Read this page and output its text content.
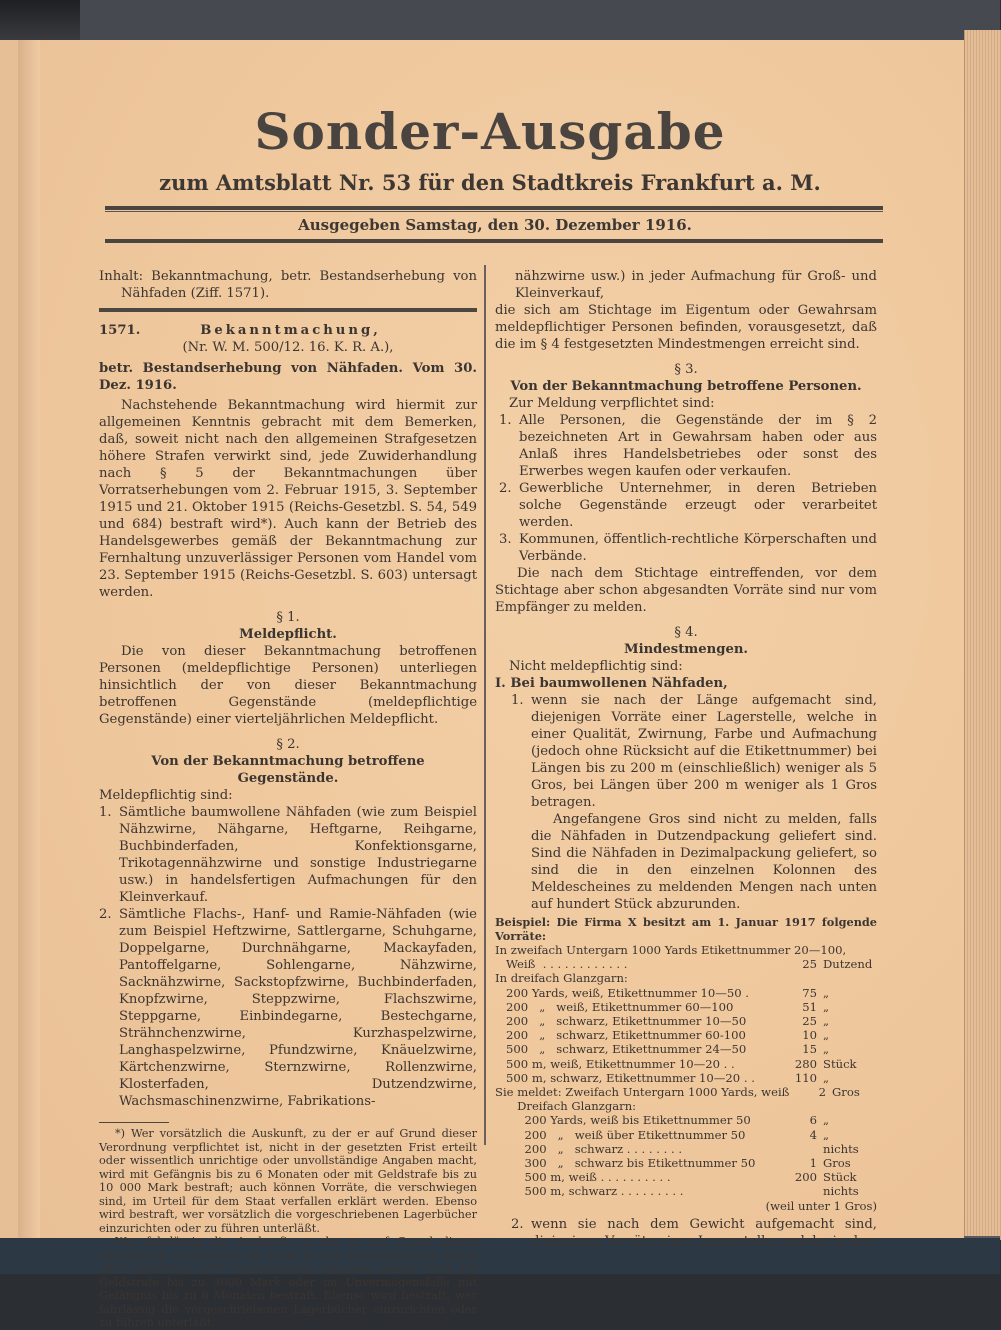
Sonder-Ausgabe
zum Amtsblatt Nr. 53 für den Stadtkreis Frankfurt a. M.
Ausgegeben Samstag, den 30. Dezember 1916.

Inhalt: Bekanntmachung, betr. Bestandserhebung von Nähfaden (Ziff. 1571).

1571.	Bekanntmachung,

(Nr. W. M. 500/12. 16. K. R. A.),

betr. Bestandserhebung von Nähfaden. Vom 30. Dez. 1916.

Nachstehende Bekanntmachung wird hiermit zur allgemeinen Kenntnis gebracht mit dem Bemerken, daß, soweit nicht nach den allgemeinen Strafgesetzen höhere Strafen verwirkt sind, jede Zuwiderhandlung nach § 5 der Bekanntmachungen über Vorratserhebungen vom 2. Februar 1915, 3. September 1915 und 21. Oktober 1915 (Reichs-Gesetzbl. S. 54, 549 und 684) bestraft wird*). Auch kann der Betrieb des Handelsgewerbes gemäß der Bekanntmachung zur Fernhaltung unzuverlässiger Personen vom Handel vom 23. September 1915 (Reichs-Gesetzbl. S. 603) untersagt werden.

§ 1.

Meldepflicht.

Die von dieser Bekanntmachung betroffenen Personen (meldepflichtige Personen) unterliegen hinsichtlich der von dieser Bekanntmachung betroffenen Gegenstände (meldepflichtige Gegenstände) einer vierteljährlichen Meldepflicht.

§ 2.

Von der Bekanntmachung betroffene Gegenstände.

Meldepflichtig sind:

1. Sämtliche baumwollene Nähfaden (wie zum Beispiel Nähzwirne, Nähgarne, Heftgarne, Reihgarne, Buchbinderfaden, Konfektionsgarne, Trikotagennähzwirne und sonstige Industriegarne usw.) in handelsfertigen Aufmachungen für den Kleinverkauf.
2. Sämtliche Flachs-, Hanf- und Ramie-Nähfaden (wie zum Beispiel Heftzwirne, Sattlergarne, Schuhgarne, Doppelgarne, Durchnähgarne, Mackayfaden, Pantoffelgarne, Sohlengarne, Nähzwirne, Sacknähzwirne, Sackstopfzwirne, Buchbinderfaden, Knopfzwirne, Steppzwirne, Flachszwirne, Steppgarne, Einbindegarne, Bestechgarne, Strähnchenzwirne, Kurzhaspelzwirne, Langhaspelzwirne, Pfundzwirne, Knäuelzwirne, Kärtchenzwirne, Sternzwirne, Rollenzwirne, Klosterfaden, Dutzendzwirne, Wachsmaschinenzwirne, Fabrikations-

*) Wer vorsätzlich die Auskunft, zu der er auf Grund dieser Verordnung verpflichtet ist, nicht in der gesetzten Frist erteilt oder wissentlich unrichtige oder unvollständige Angaben macht, wird mit Gefängnis bis zu 6 Monaten oder mit Geldstrafe bis zu 10 000 Mark bestraft; auch können Vorräte, die verschwiegen sind, im Urteil für dem Staat verfallen erklärt werden. Ebenso wird bestraft, wer vorsätzlich die vorgeschriebenen Lagerbücher einzurichten oder zu führen unterläßt.

Wer fahrlässig die Auskunft, zu der er auf Grund dieser Verordnung verpflichtet ist, nicht in der gesetzten Frist erteilt oder unrichtige oder unvollständige Angaben macht, wird mit Geldstrafe bis zu 3000 Mark oder im Unvermögensfalle mit Gefängnis bis zu 6 Monaten bestraft. Ebenso wird bestraft, wer fahrlässig die vorgeschriebenen Lagerbücher einzurichten oder zu führen unterläßt.

nähzwirne usw.) in jeder Aufmachung für Groß- und Kleinverkauf,

die sich am Stichtage im Eigentum oder Gewahrsam meldepflichtiger Personen befinden, vorausgesetzt, daß die im § 4 festgesetzten Mindestmengen erreicht sind.

§ 3.

Von der Bekanntmachung betroffene Personen.

Zur Meldung verpflichtet sind:

1. Alle Personen, die Gegenstände der im § 2 bezeichneten Art in Gewahrsam haben oder aus Anlaß ihres Handelsbetriebes oder sonst des Erwerbes wegen kaufen oder verkaufen.
2. Gewerbliche Unternehmer, in deren Betrieben solche Gegenstände erzeugt oder verarbeitet werden.
3. Kommunen, öffentlich-rechtliche Körperschaften und Verbände.

Die nach dem Stichtage eintreffenden, vor dem Stichtage aber schon abgesandten Vorräte sind nur vom Empfänger zu melden.

§ 4.

Mindestmengen.

Nicht meldepflichtig sind:

I. Bei baumwollenen Nähfaden,

1. wenn sie nach der Länge aufgemacht sind, diejenigen Vorräte einer Lagerstelle, welche in einer Qualität, Zwirnung, Farbe und Aufmachung (jedoch ohne Rücksicht auf die Etikettnummer) bei Längen bis zu 200 m (einschließlich) weniger als 5 Gros, bei Längen über 200 m weniger als 1 Gros betragen.

Angefangene Gros sind nicht zu melden, falls die Nähfaden in Dutzendpackung geliefert sind. Sind die Nähfaden in Dezimalpackung geliefert, so sind die in den einzelnen Kolonnen des Meldescheines zu meldenden Mengen nach unten auf hundert Stück abzurunden.

Beispiel: Die Firma X besitzt am 1. Januar 1917 folgende Vorräte:

In zweifach Untergarn 1000 Yards Etikettnummer 20—100,
Weiß  . . . . . . . . . . . .	25 Dutzend
In dreifach Glanzgarn:
200 Yards, weiß, Etikettnummer 10—50 .	75 „
200   „   weiß, Etikettnummer 60—100	51 „
200   „   schwarz, Etikettnummer 10—50	25 „
200   „   schwarz, Etikettnummer 60-100	10 „
500   „   schwarz, Etikettnummer 24—50	15 „
500 m, weiß, Etikettnummer 10—20 . .	280 Stück
500 m, schwarz, Etikettnummer 10—20 . .	110 „
Sie meldet: Zweifach Untergarn 1000 Yards, weiß	2 Gros
Dreifach Glanzgarn:
200 Yards, weiß bis Etikettnummer 50	6 „
200   „   weiß über Etikettnummer 50	4 „
200   „   schwarz . . . . . . . .	nichts
300   „   schwarz bis Etikettnummer 50	1 Gros
500 m, weiß . . . . . . . . . .	200 Stück
500 m, schwarz . . . . . . . . .	nichts

(weil unter 1 Gros)

2. wenn sie nach dem Gewicht aufgemacht sind, diejenigen Vorräte einer Lagerstelle, welche in der-
